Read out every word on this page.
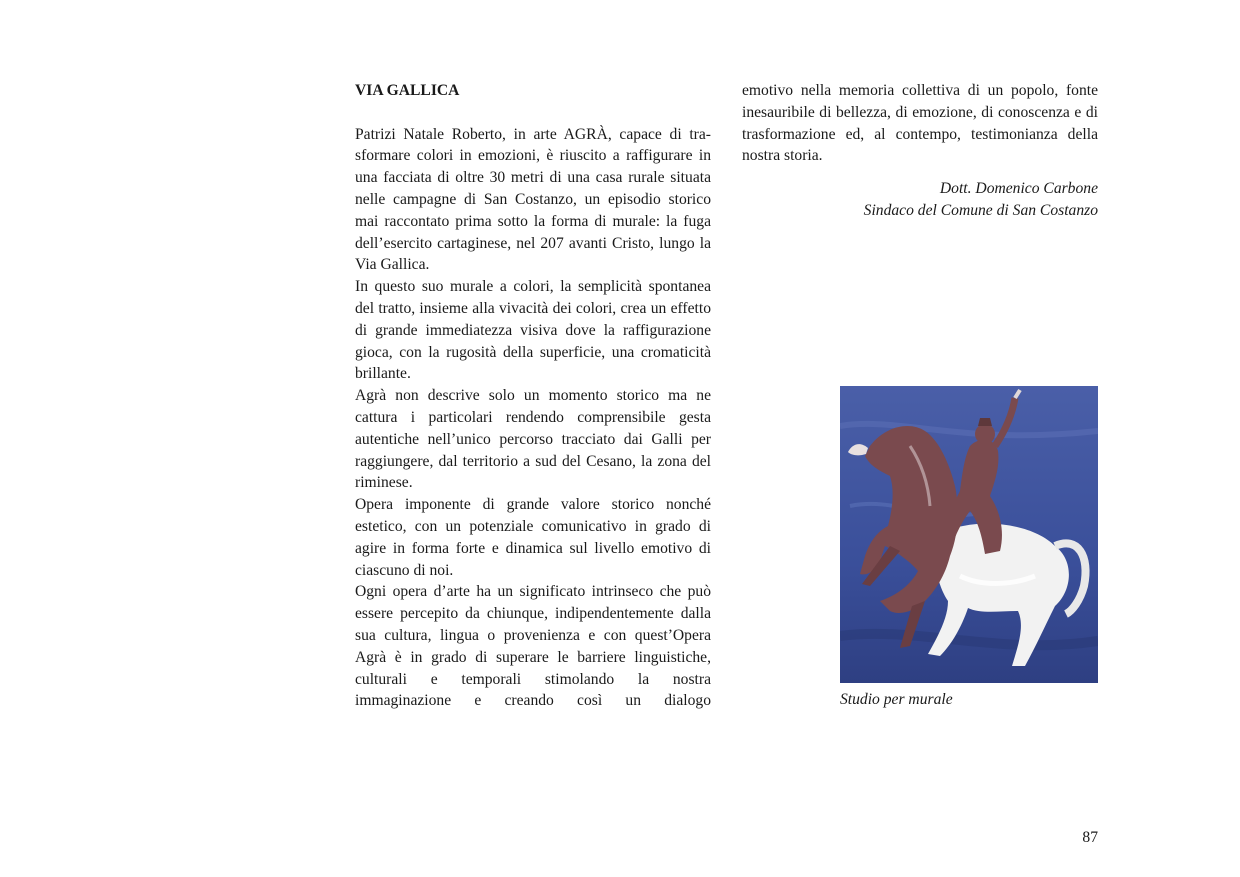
VIA GALLICA

Patrizi Natale Roberto, in arte AGRÀ, capace di trasformare colori in emozioni, è riuscito a raffigurare in una facciata di oltre 30 metri di una casa rurale situata nelle campagne di San Costanzo, un episodio storico mai raccontato prima sotto la forma di murale: la fuga dell’esercito cartaginese, nel 207 avanti Cristo, lungo la Via Gallica.

In questo suo murale a colori, la semplicità spontanea del tratto, insieme alla vivacità dei colori, crea un effetto di grande immediatezza visiva dove la raffigurazione gioca, con la rugosità della superficie, una cromaticità brillante.

Agrà non descrive solo un momento storico ma ne cattura i particolari rendendo comprensibile gesta autentiche nell’unico percorso tracciato dai Galli per raggiungere, dal territorio a sud del Cesano, la zona del riminese.

Opera imponente di grande valore storico nonché estetico, con un potenziale comunicativo in grado di agire in forma forte e dinamica sul livello emotivo di ciascuno di noi.

Ogni opera d’arte ha un significato intrinseco che può essere percepito da chiunque, indipendentemente dalla sua cultura, lingua o provenienza e con quest’Opera Agrà è in grado di superare le barriere linguistiche, culturali e temporali stimolando la nostra immaginazione e creando così un dialogo

emotivo nella memoria collettiva di un popolo, fonte inesauribile di bellezza, di emozione, di conoscenza e di trasformazione ed, al contempo, testimonianza della nostra storia.

Dott. Domenico Carbone
Sindaco del Comune di San Costanzo
Studio per murale
87
